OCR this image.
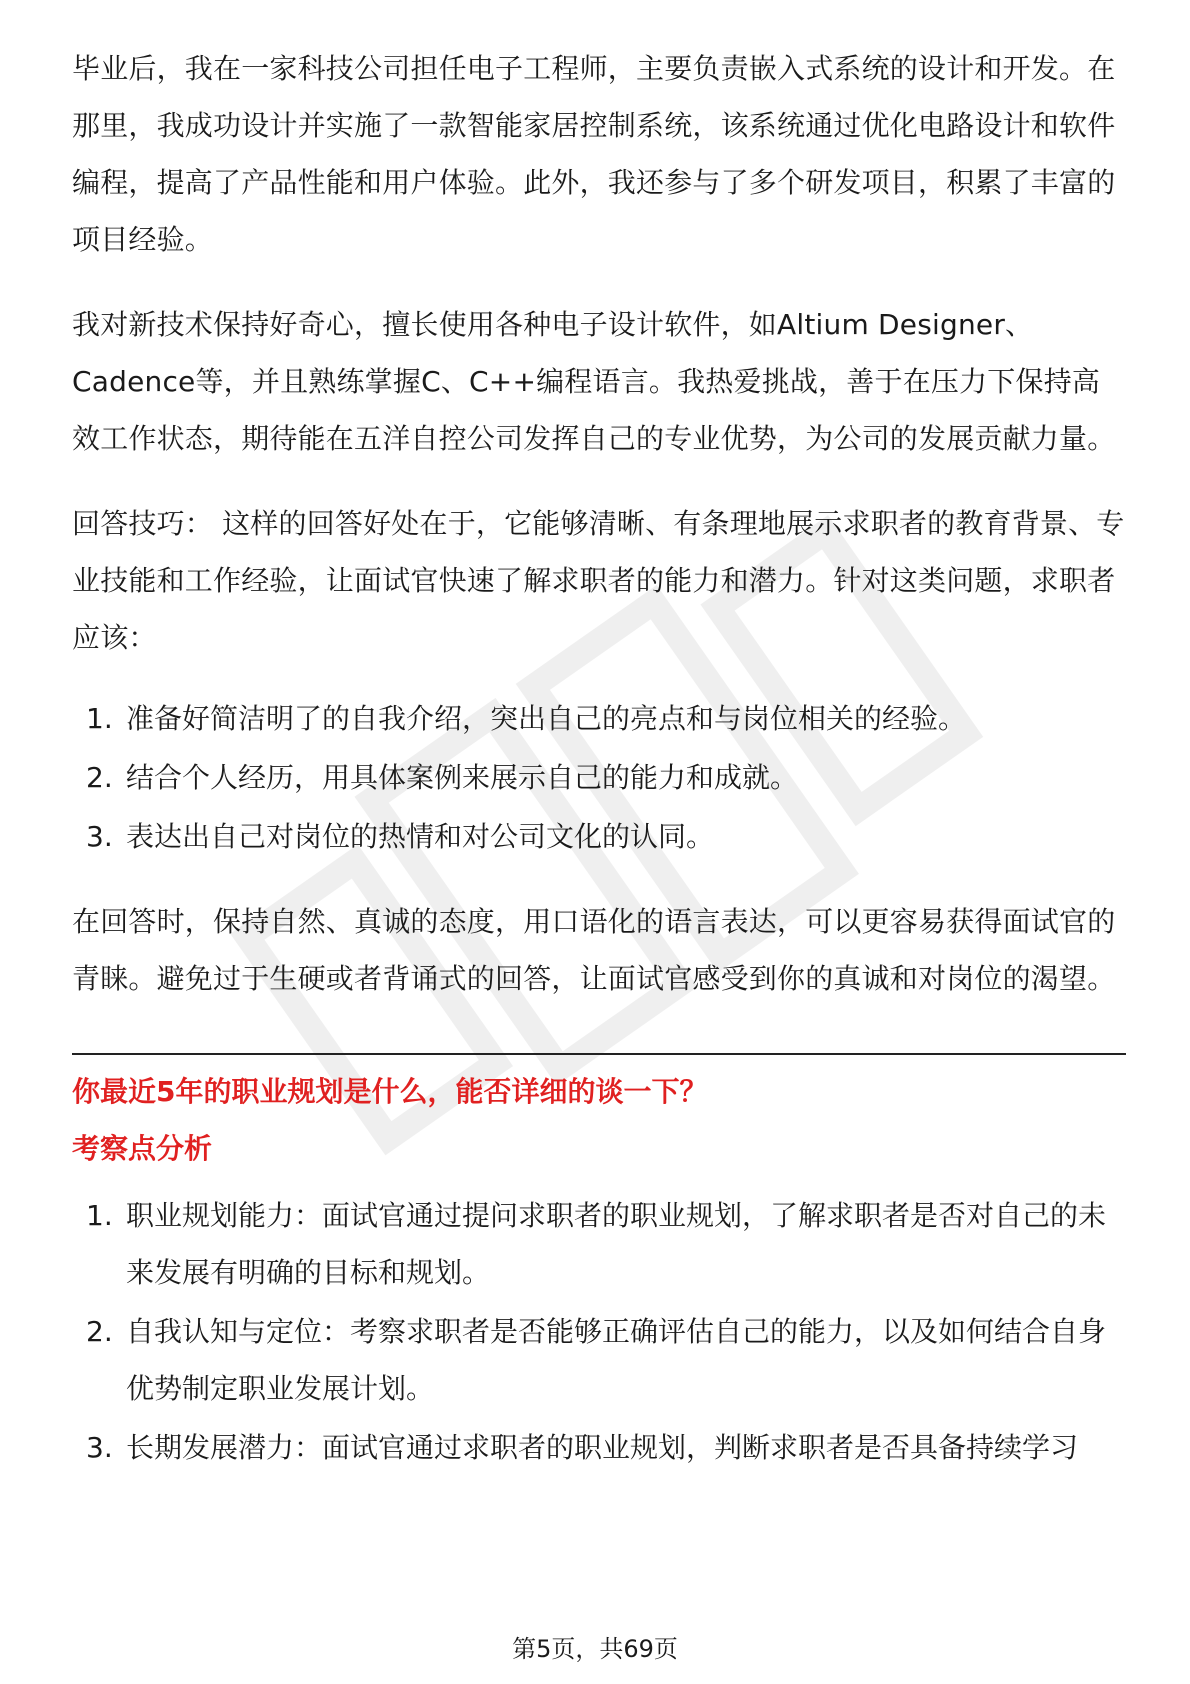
毕业后，我在一家科技公司担任电子工程师，主要负责嵌入式系统的设计和开发。在那里，我成功设计并实施了一款智能家居控制系统，该系统通过优化电路设计和软件编程，提高了产品性能和用户体验。此外，我还参与了多个研发项目，积累了丰富的项目经验。

我对新技术保持好奇心，擅长使用各种电子设计软件，如Altium Designer、Cadence等，并且熟练掌握C、C++编程语言。我热爱挑战，善于在压力下保持高效工作状态，期待能在五洋自控公司发挥自己的专业优势，为公司的发展贡献力量。

回答技巧： 这样的回答好处在于，它能够清晰、有条理地展示求职者的教育背景、专业技能和工作经验，让面试官快速了解求职者的能力和潜力。针对这类问题，求职者应该：

1. 准备好简洁明了的自我介绍，突出自己的亮点和与岗位相关的经验。
2. 结合个人经历，用具体案例来展示自己的能力和成就。
3. 表达出自己对岗位的热情和对公司文化的认同。

在回答时，保持自然、真诚的态度，用口语化的语言表达，可以更容易获得面试官的青睐。避免过于生硬或者背诵式的回答，让面试官感受到你的真诚和对岗位的渴望。

你最近5年的职业规划是什么，能否详细的谈一下？

考察点分析

1. 职业规划能力：面试官通过提问求职者的职业规划，了解求职者是否对自己的未来发展有明确的目标和规划。
2. 自我认知与定位：考察求职者是否能够正确评估自己的能力，以及如何结合自身优势制定职业发展计划。
3. 长期发展潜力：面试官通过求职者的职业规划，判断求职者是否具备持续学习
第5页，共69页
